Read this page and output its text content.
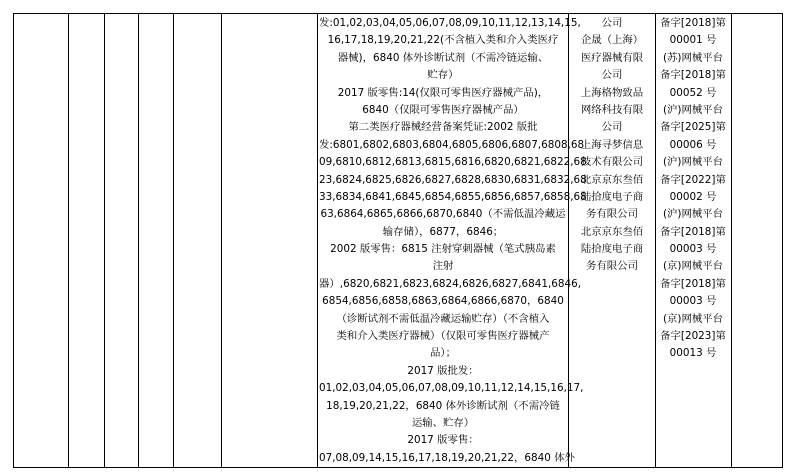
发:01,02,03,04,05,06,07,08,09,10,11,12,13,14,15,
16,17,18,19,20,21,22(不含植入类和介入类医疗
器械)，6840 体外诊断试剂（不需冷链运输、
贮存）
2017 版零售:14(仅限可零售医疗器械产品)，
6840（仅限可零售医疗器械产品）
第二类医疗器械经营备案凭证:2002 版批
发:6801,6802,6803,6804,6805,6806,6807,6808,68
09,6810,6812,6813,6815,6816,6820,6821,6822,68
23,6824,6825,6826,6827,6828,6830,6831,6832,68
33,6834,6841,6845,6854,6855,6856,6857,6858,68
63,6864,6865,6866,6870,6840（不需低温冷藏运
输存储），6877，6846；
2002 版零售：6815 注射穿刺器械（笔式胰岛素
注射
器）,6820,6821,6823,6824,6826,6827,6841,6846,
6854,6856,6858,6863,6864,6866,6870，6840
（诊断试剂不需低温冷藏运输贮存）（不含植入
类和介入类医疗器械）（仅限可零售医疗器械产
品）；
2017 版批发：
01,02,03,04,05,06,07,08,09,10,11,12,14,15,16,17,
18,19,20,21,22，6840 体外诊断试剂（不需冷链
运输、贮存）
2017 版零售：
07,08,09,14,15,16,17,18,19,20,21,22，6840 体外
公司
企晟（上海）
医疗器械有限
公司
上海格物致品
网络科技有限
公司
上海寻梦信息
技术有限公司
北京京东叁佰
陆拾度电子商
务有限公司
北京京东叁佰
陆拾度电子商
务有限公司
备字[2018]第
00001 号
(苏)网械平台
备字[2018]第
00052 号
(沪)网械平台
备字[2025]第
00006 号
(沪)网械平台
备字[2022]第
00002 号
(沪)网械平台
备字[2018]第
00003 号
(京)网械平台
备字[2018]第
00003 号
(京)网械平台
备字[2023]第
00013 号
